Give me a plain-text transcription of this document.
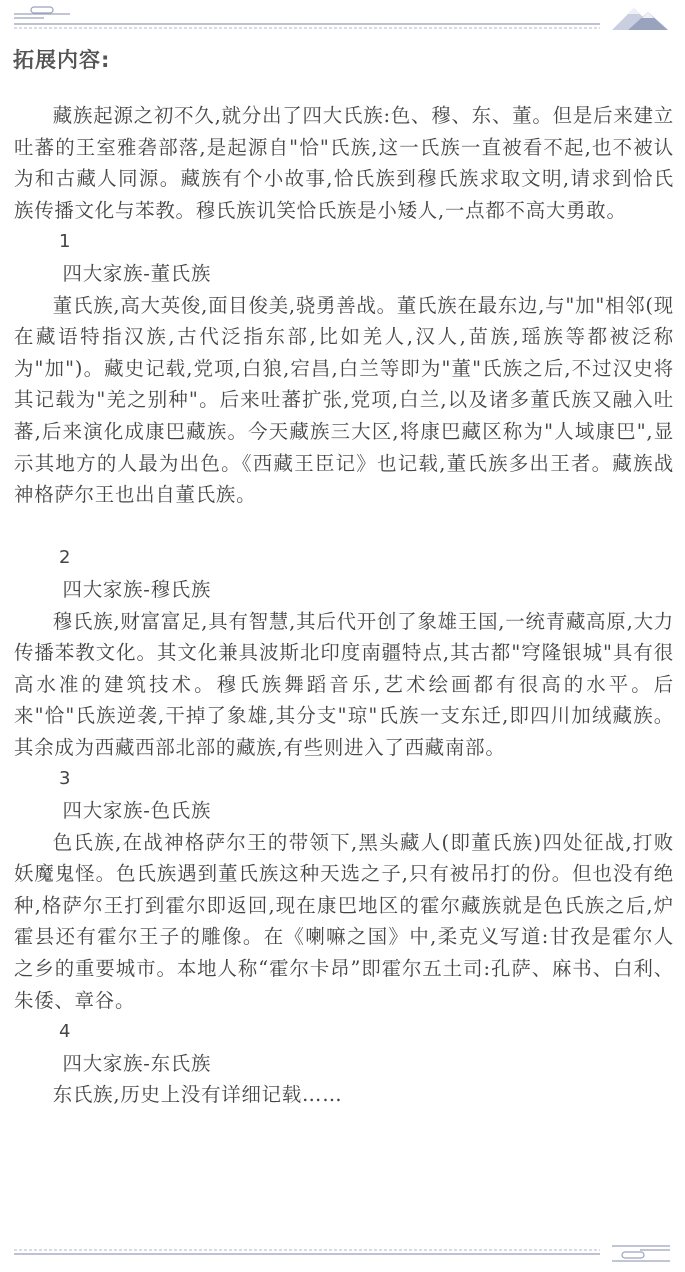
拓展内容:

藏族起源之初不久,就分出了四大氏族:色、穆、东、董。但是后来建立吐蕃的王室雅砻部落,是起源自"恰"氏族,这一氏族一直被看不起,也不被认为和古藏人同源。藏族有个小故事,恰氏族到穆氏族求取文明,请求到恰氏族传播文化与苯教。穆氏族讥笑恰氏族是小矮人,一点都不高大勇敢。

1
四大家族-董氏族

董氏族,高大英俊,面目俊美,骁勇善战。董氏族在最东边,与"加"相邻(现在藏语特指汉族,古代泛指东部,比如羌人,汉人,苗族,瑶族等都被泛称为"加")。藏史记载,党项,白狼,宕昌,白兰等即为"董"氏族之后,不过汉史将其记载为"羌之别种"。后来吐蕃扩张,党项,白兰,以及诸多董氏族又融入吐蕃,后来演化成康巴藏族。今天藏族三大区,将康巴藏区称为"人域康巴",显示其地方的人最为出色。《西藏王臣记》也记载,董氏族多出王者。藏族战神格萨尔王也出自董氏族。

2
四大家族-穆氏族

穆氏族,财富富足,具有智慧,其后代开创了象雄王国,一统青藏高原,大力传播苯教文化。其文化兼具波斯北印度南疆特点,其古都"穹隆银城"具有很高水准的建筑技术。穆氏族舞蹈音乐,艺术绘画都有很高的水平。后来"恰"氏族逆袭,干掉了象雄,其分支"琼"氏族一支东迁,即四川加绒藏族。其余成为西藏西部北部的藏族,有些则进入了西藏南部。

3
四大家族-色氏族

色氏族,在战神格萨尔王的带领下,黑头藏人(即董氏族)四处征战,打败妖魔鬼怪。色氏族遇到董氏族这种天选之子,只有被吊打的份。但也没有绝种,格萨尔王打到霍尔即返回,现在康巴地区的霍尔藏族就是色氏族之后,炉霍县还有霍尔王子的雕像。在《喇嘛之国》中,柔克义写道:甘孜是霍尔人之乡的重要城市。本地人称“霍尔卡昂”即霍尔五土司:孔萨、麻书、白利、朱倭、章谷。

4
四大家族-东氏族

东氏族,历史上没有详细记载……
